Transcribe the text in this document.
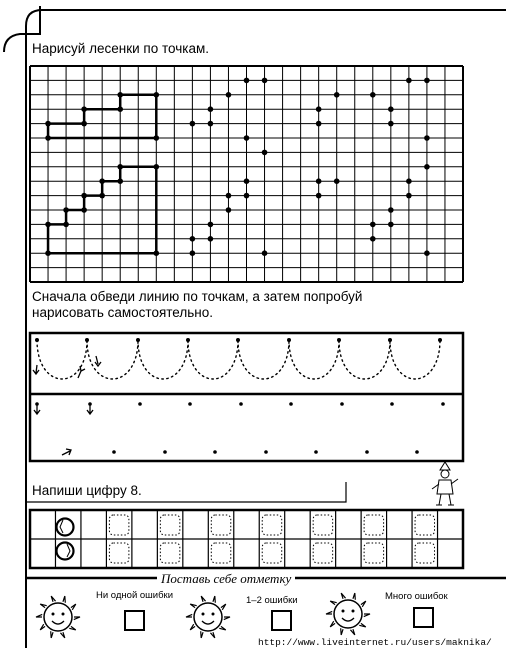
Нарисуй лесенки по точкам.
Сначала обведи линию по точкам, а затем попробуй
нарисовать самостоятельно.
Напиши цифру 8.
Поставь себе отметку
Ни одной ошибки	1–2 ошибки	Много ошибок
http://www.liveinternet.ru/users/maknika/
